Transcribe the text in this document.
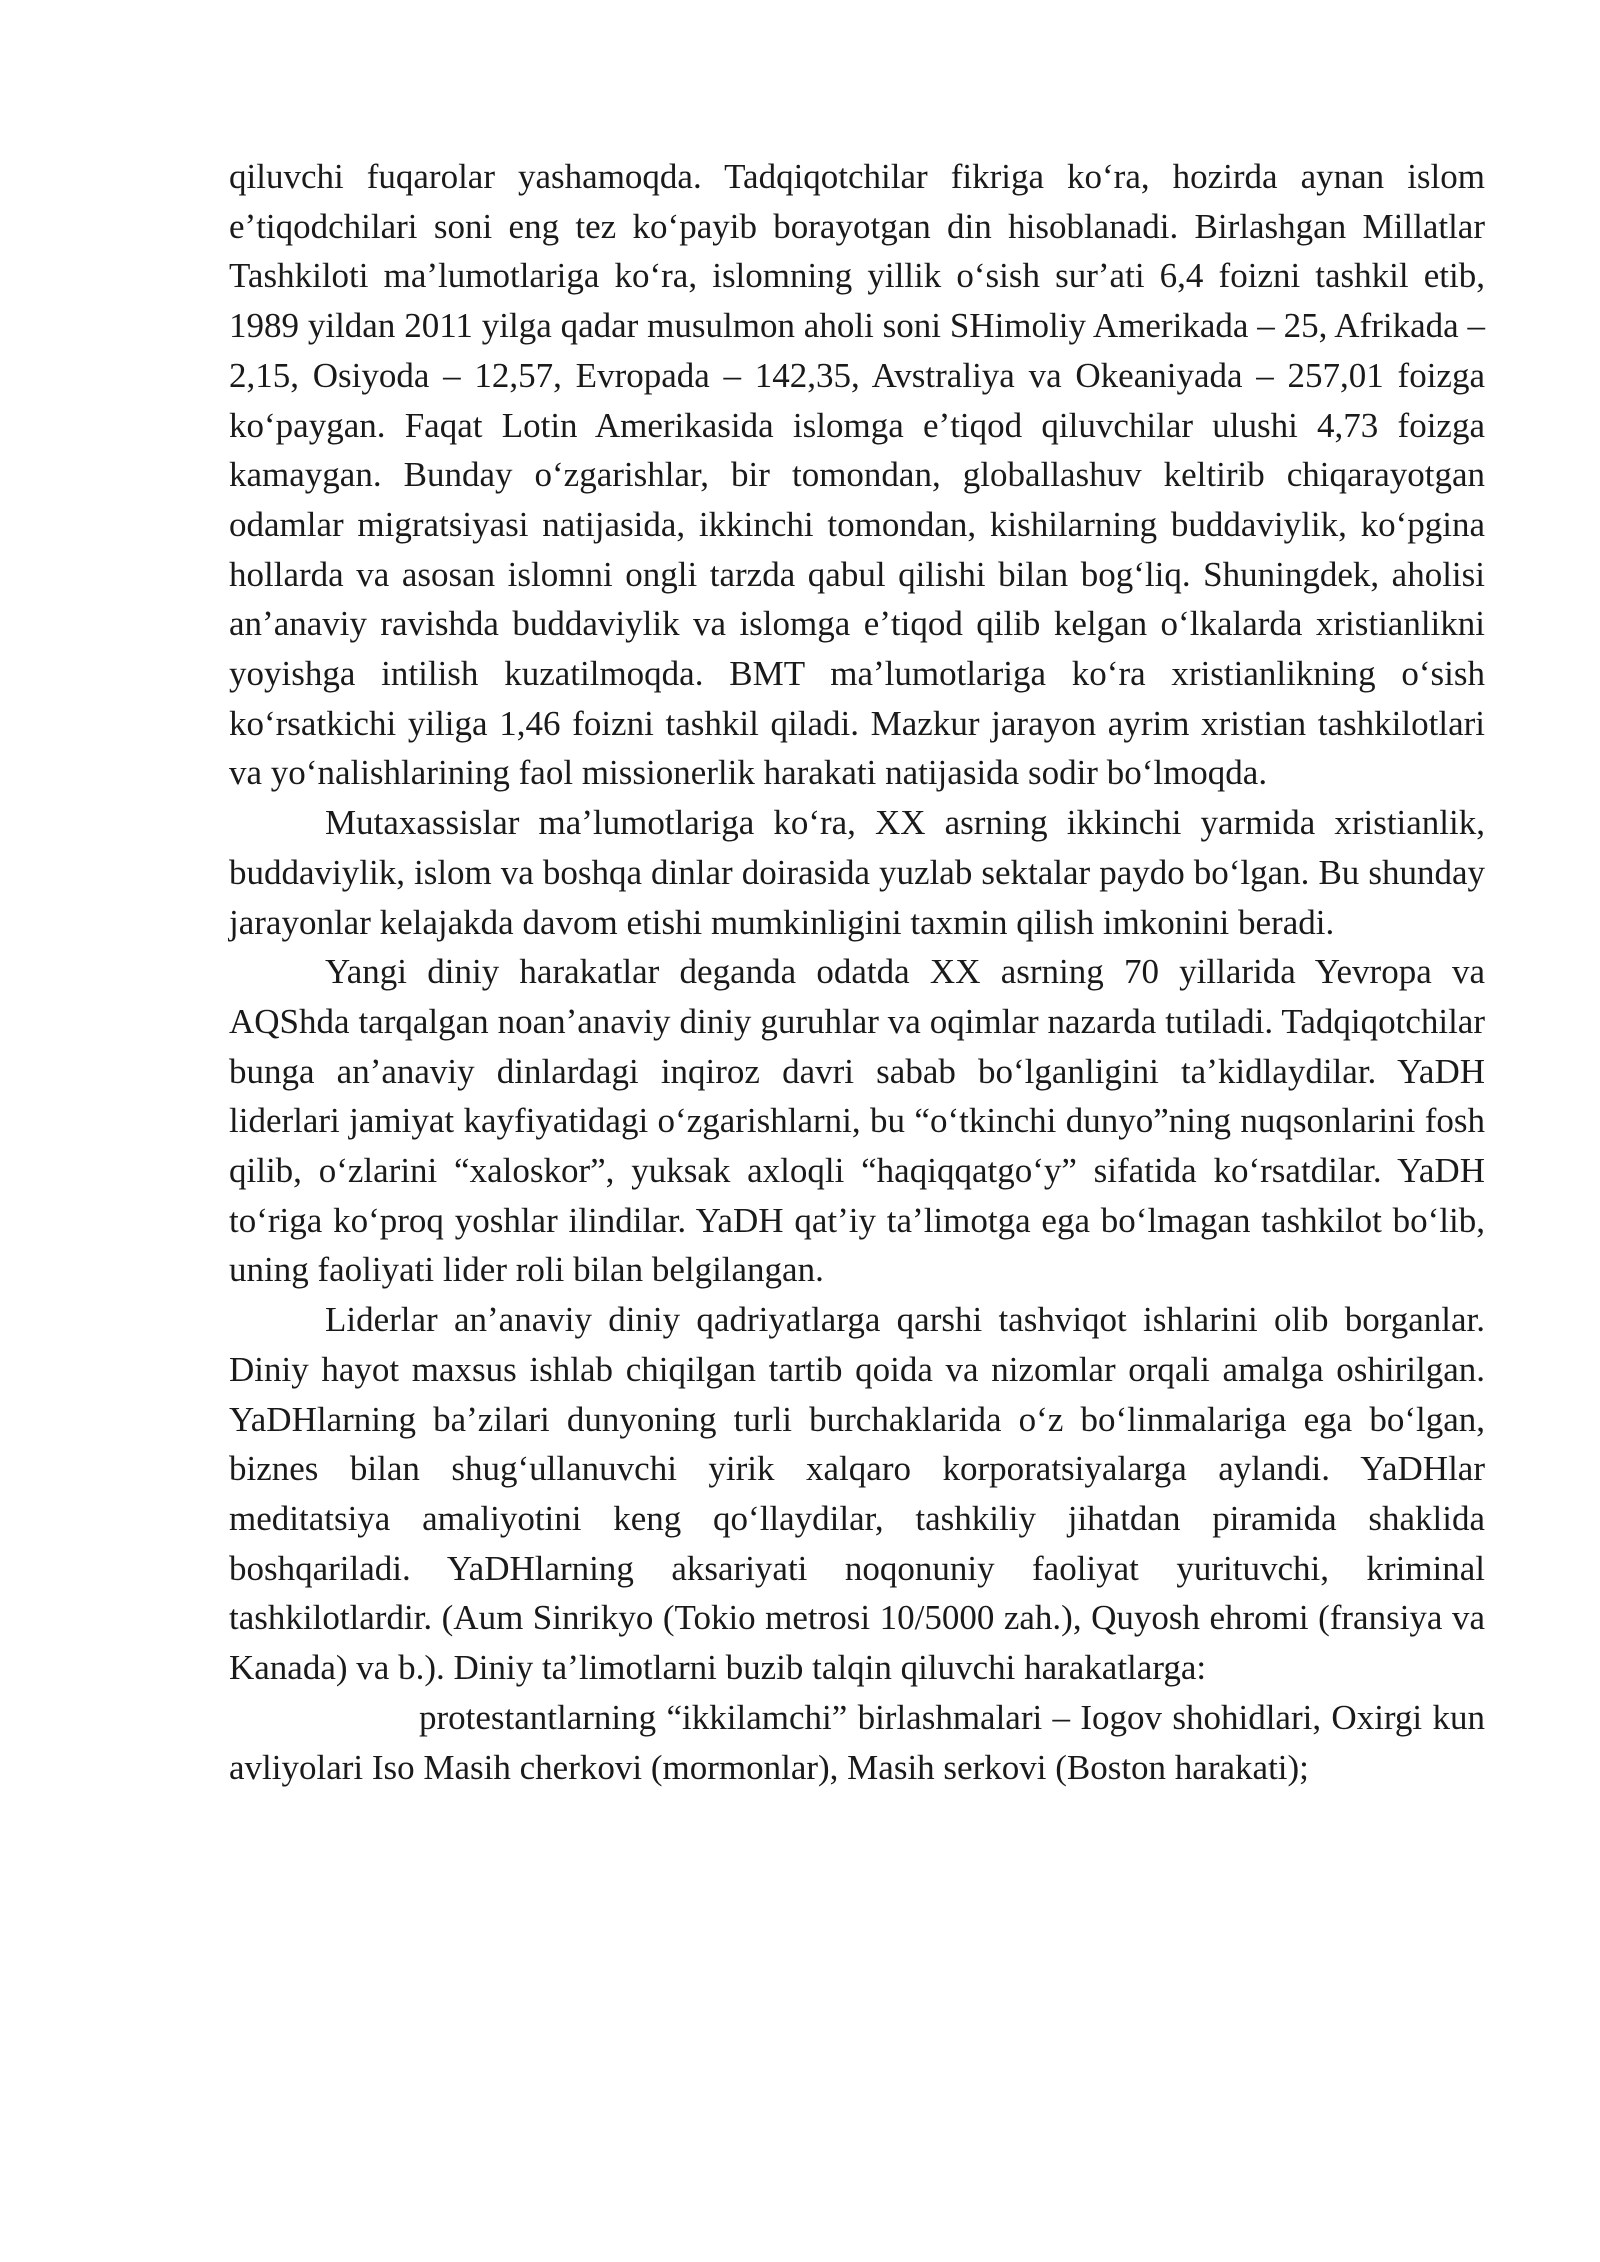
qiluvchi fuqarolar yashamoqda. Tadqiqotchilar fikriga koʻra, hozirda aynan islom eʼtiqodchilari soni eng tez koʻpayib borayotgan din hisoblanadi. Birlashgan Millatlar Tashkiloti maʼlumotlariga koʻra, islomning yillik oʻsish surʼati 6,4 foizni tashkil etib, 1989 yildan 2011 yilga qadar musulmon aholi soni SHimoliy Amerikada – 25, Afrikada – 2,15, Osiyoda – 12,57, Evropada – 142,35, Avstraliya va Okeaniyada – 257,01 foizga koʻpaygan. Faqat Lotin Amerikasida islomga eʼtiqod qiluvchilar ulushi 4,73 foizga kamaygan. Bunday oʻzgarishlar, bir tomondan, globallashuv keltirib chiqarayotgan odamlar migratsiyasi natijasida, ikkinchi tomondan, kishilarning buddaviylik, koʻpgina hollarda va asosan islomni ongli tarzda qabul qilishi bilan bogʻliq. Shuningdek, aholisi anʼanaviy ravishda buddaviylik va islomga eʼtiqod qilib kelgan oʻlkalarda xristianlikni yoyishga intilish kuzatilmoqda. BMT maʼlumotlariga koʻra xristianlikning oʻsish koʻrsatkichi yiliga 1,46 foizni tashkil qiladi. Mazkur jarayon ayrim xristian tashkilotlari va yoʻnalishlarining faol missionerlik harakati natijasida sodir boʻlmoqda.

Mutaxassislar maʼlumotlariga koʻra, XX asrning ikkinchi yarmida xristianlik, buddaviylik, islom va boshqa dinlar doirasida yuzlab sektalar paydo boʻlgan. Bu shunday jarayonlar kelajakda davom etishi mumkinligini taxmin qilish imkonini beradi.

Yangi diniy harakatlar deganda odatda XX asrning 70 yillarida Yevropa va AQShda tarqalgan noanʼanaviy diniy guruhlar va oqimlar nazarda tutiladi. Tadqiqotchilar bunga anʼanaviy dinlardagi inqiroz davri sabab boʻlganligini taʼkidlaydilar. YaDH liderlari jamiyat kayfiyatidagi oʻzgarishlarni, bu “oʻtkinchi dunyo”ning nuqsonlarini fosh qilib, oʻzlarini “xaloskor”, yuksak axloqli “haqiqqatgoʻy” sifatida koʻrsatdilar. YaDH toʻriga koʻproq yoshlar ilindilar. YaDH qatʼiy taʼlimotga ega boʻlmagan tashkilot boʻlib, uning faoliyati lider roli bilan belgilangan.

Liderlar anʼanaviy diniy qadriyatlarga qarshi tashviqot ishlarini olib borganlar. Diniy hayot maxsus ishlab chiqilgan tartib qoida va nizomlar orqali amalga oshirilgan. YaDHlarning baʼzilari dunyoning turli burchaklarida oʻz boʻlinmalariga ega boʻlgan, biznes bilan shugʻullanuvchi yirik xalqaro korporatsiyalarga aylandi. YaDHlar meditatsiya amaliyotini keng qoʻllaydilar, tashkiliy jihatdan piramida shaklida boshqariladi. YaDHlarning aksariyati noqonuniy faoliyat yurituvchi, kriminal tashkilotlardir. (Aum Sinrikyo (Tokio metrosi 10/5000 zah.), Quyosh ehromi (fransiya va Kanada) va b.). Diniy taʼlimotlarni buzib talqin qiluvchi harakatlarga:

protestantlarning “ikkilamchi” birlashmalari – Iogov shohidlari, Oxirgi kun avliyolari Iso Masih cherkovi (mormonlar), Masih serkovi (Boston harakati);
